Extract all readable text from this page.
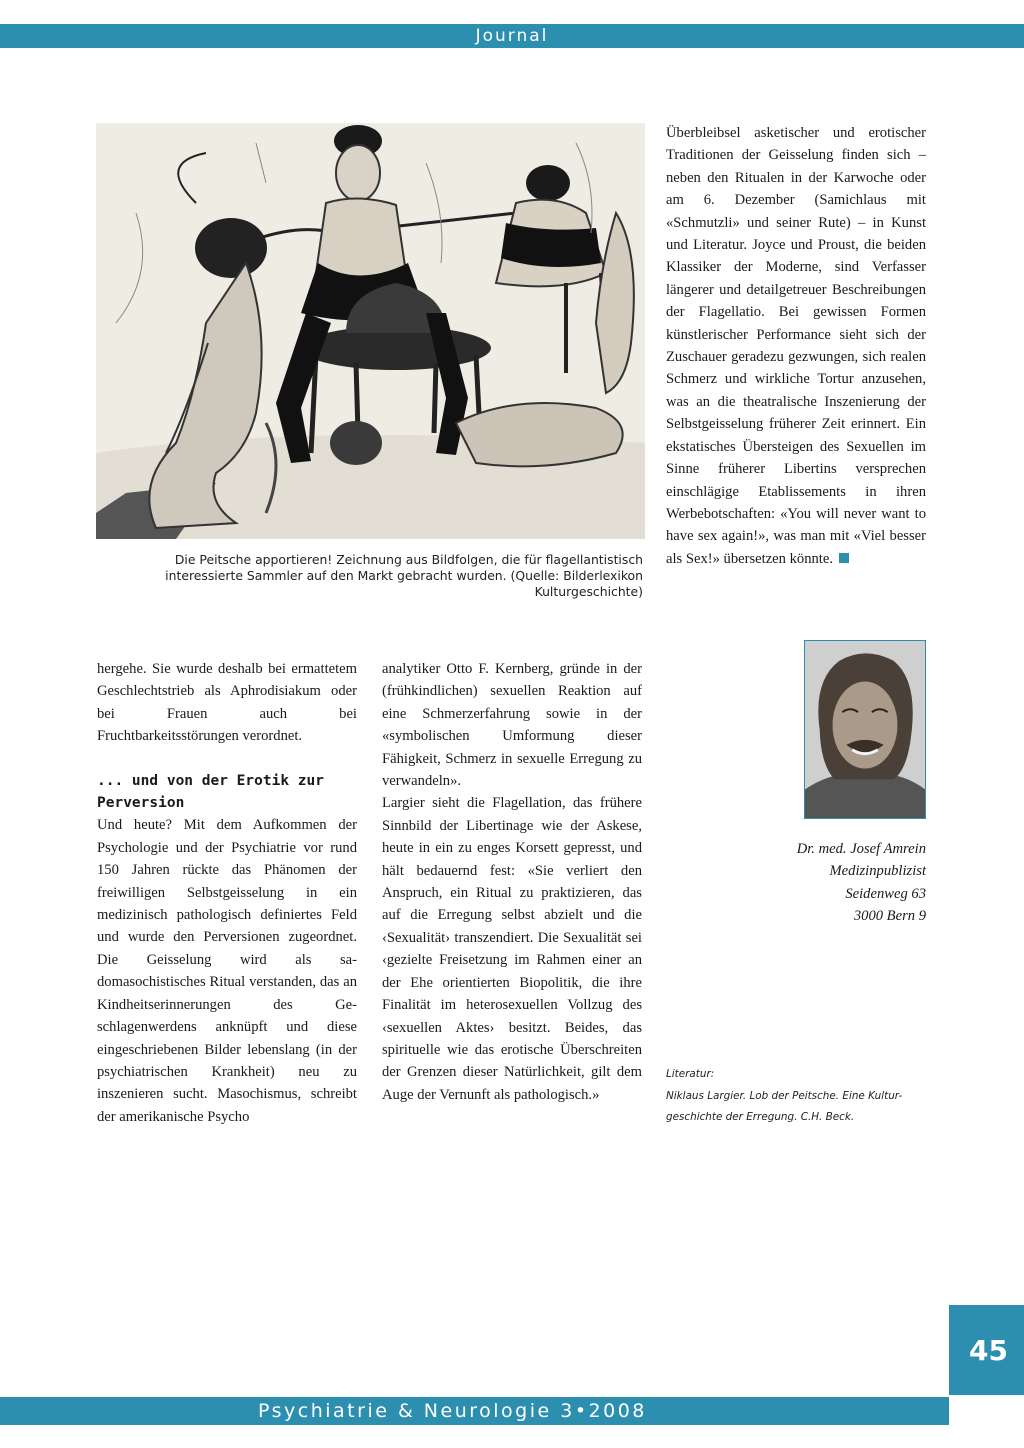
Journal
Die Peitsche apportieren! Zeichnung aus Bildfolgen, die für flagellantistisch interessierte Sammler auf den Markt gebracht wurden. (Quelle: Bilderlexikon Kulturgeschichte)

Überbleibsel asketischer und erotischer Traditionen der Geisselung finden sich – neben den Ritualen in der Karwoche oder am 6. Dezember (Samichlaus mit «Schmutzli» und seiner Rute) – in Kunst und Literatur. Joyce und Proust, die beiden Klassiker der Moderne, sind Verfasser längerer und detailgetreuer Beschreibungen der Flagellatio. Bei gewissen Formen künstlerischer Performance sieht sich der Zuschauer geradezu gezwungen, sich realen Schmerz und wirkliche Tortur anzusehen, was an die theatralische Inszenierung der Selbstgeisselung früherer Zeit erinnert. Ein ekstatisches Übersteigen des Sexuellen im Sinne früherer Libertins versprechen einschlägige Etablissements in ihren Werbebotschaften: «You will never want to have sex again!», was man mit «Viel besser als Sex!» übersetzen könnte.

hergehe. Sie wurde deshalb bei ermattetem Geschlechtstrieb als Aphrodisiakum oder bei Frauen auch bei Fruchtbarkeitsstörungen verordnet.

... und von der Erotik zur Perversion

Und heute? Mit dem Aufkommen der Psychologie und der Psychiatrie vor rund 150 Jahren rückte das Phänomen der freiwilligen Selbstgeisselung in ein medizinisch pathologisch definiertes Feld und wurde den Perversionen zugeordnet. Die Geisselung wird als sadomasochistisches Ritual verstanden, das an Kindheitserinnerungen des Geschlagenwerdens anknüpft und diese eingeschriebenen Bilder lebenslang (in der psychiatrischen Krankheit) neu zu inszenieren sucht. Masochismus, schreibt der amerikanische Psycho

analytiker Otto F. Kernberg, gründe in der (frühkindlichen) sexuellen Reaktion auf eine Schmerzerfahrung sowie in der «symbolischen Umformung dieser Fähigkeit, Schmerz in sexuelle Erregung zu verwandeln».

Largier sieht die Flagellation, das frühere Sinnbild der Libertinage wie der Askese, heute in ein zu enges Korsett gepresst, und hält bedauernd fest: «Sie verliert den Anspruch, ein Ritual zu praktizieren, das auf die Erregung selbst abzielt und die ‹Sexualität› transzendiert. Die Sexualität sei ‹gezielte Freisetzung im Rahmen einer an der Ehe orientierten Biopolitik, die ihre Finalität im heterosexuellen Vollzug des ‹sexuellen Aktes› besitzt. Beides, das spirituelle wie das erotische Überschreiten der Grenzen dieser Natürlichkeit, gilt dem Auge der Vernunft als pathologisch.»

Dr. med. Josef Amrein
Medizinpublizist
Seidenweg 63
3000 Bern 9
Literatur:
Niklaus Largier. Lob der Peitsche. Eine Kultur-
geschichte der Erregung. C.H. Beck.
45
Psychiatrie & Neurologie 3•2008
